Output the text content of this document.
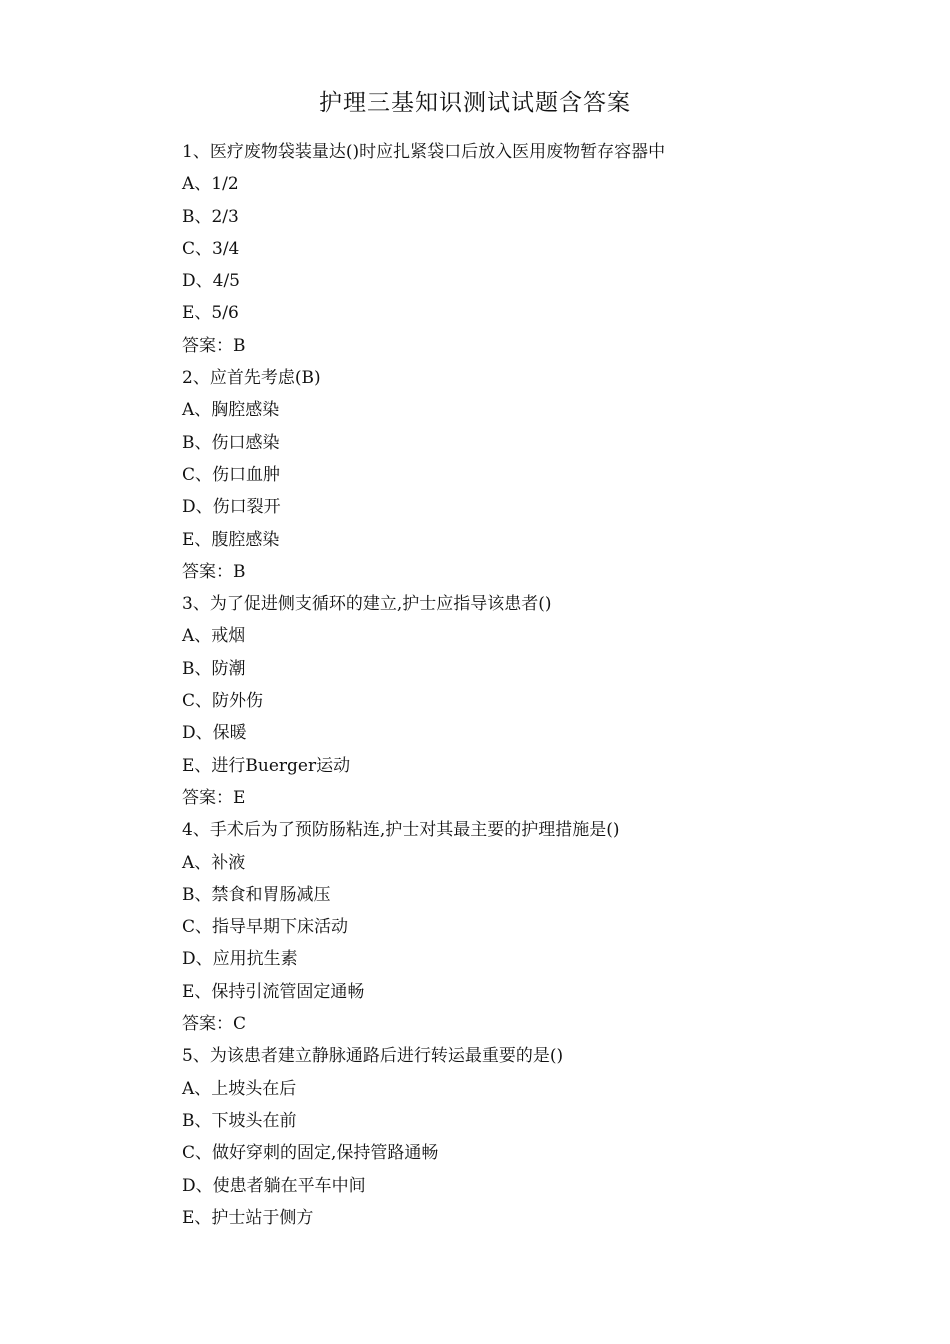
护理三基知识测试试题含答案
1、医疗废物袋装量达()时应扎紧袋口后放入医用废物暂存容器中
A、1/2
B、2/3
C、3/4
D、4/5
E、5/6
答案：B
2、应首先考虑(B)
A、胸腔感染
B、伤口感染
C、伤口血肿
D、伤口裂开
E、腹腔感染
答案：B
3、为了促进侧支循环的建立,护士应指导该患者()
A、戒烟
B、防潮
C、防外伤
D、保暖
E、进行Buerger运动
答案：E
4、手术后为了预防肠粘连,护士对其最主要的护理措施是()
A、补液
B、禁食和胃肠减压
C、指导早期下床活动
D、应用抗生素
E、保持引流管固定通畅
答案：C
5、为该患者建立静脉通路后进行转运最重要的是()
A、上坡头在后
B、下坡头在前
C、做好穿刺的固定,保持管路通畅
D、使患者躺在平车中间
E、护士站于侧方
